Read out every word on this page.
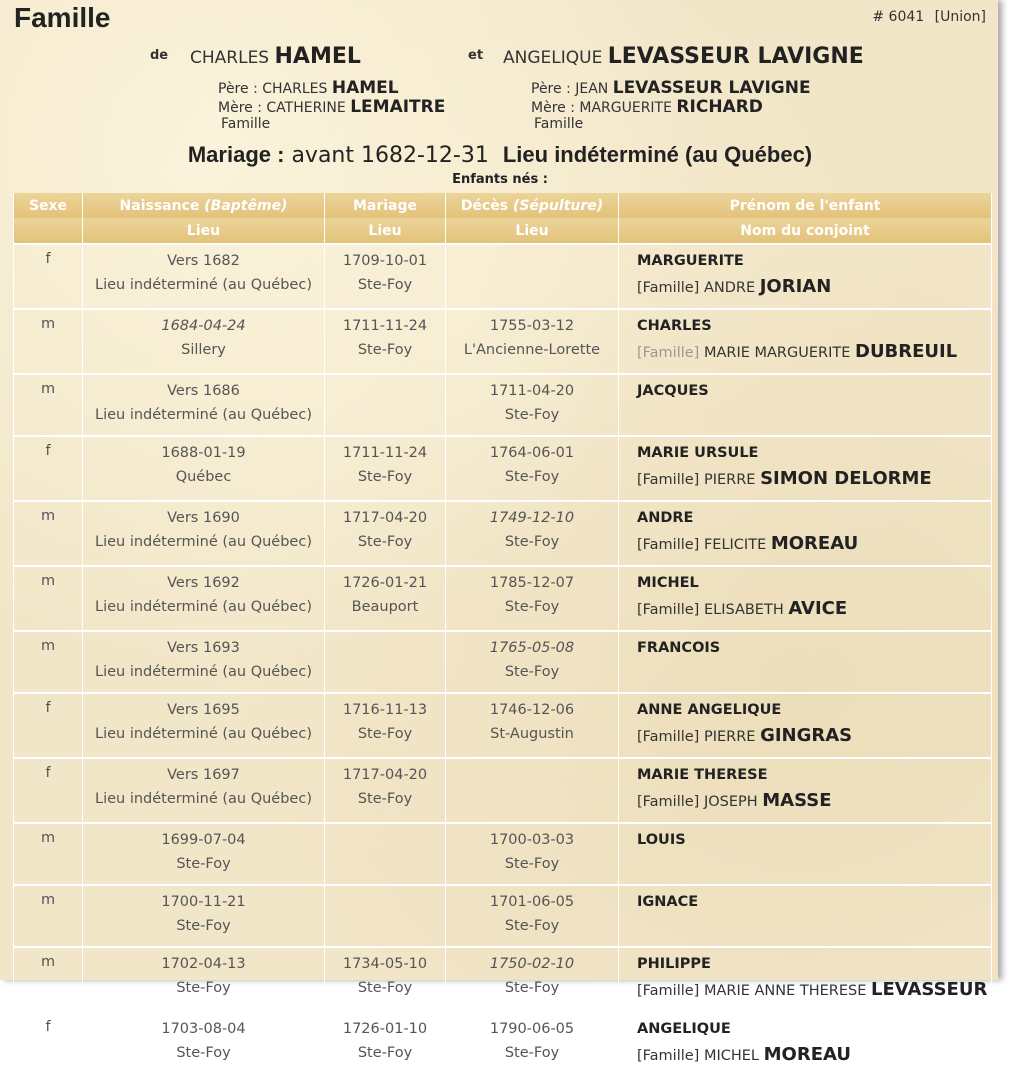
Famille	# 6041 [Union]
de CHARLES HAMEL
Père : CHARLES HAMEL
Mère : CATHERINE LEMAITRE
Famille
et ANGELIQUE LEVASSEUR LAVIGNE
Père : JEAN LEVASSEUR LAVIGNE
Mère : MARGUERITE RICHARD
Famille
Mariage : avant 1682-12-31 Lieu indéterminé (au Québec)
Enfants nés :
Sexe	Naissance (Baptême)	Mariage	Décès (Sépulture)	Prénom de l'enfant
	Lieu	Lieu	Lieu	Nom du conjoint
f	Vers 1682	1709-10-01		MARGUERITE
	Lieu indéterminé (au Québec)	Ste-Foy		[Famille] ANDRE JORIAN
m	1684-04-24	1711-11-24	1755-03-12	CHARLES
	Sillery	Ste-Foy	L'Ancienne-Lorette	[Famille] MARIE MARGUERITE DUBREUIL
m	Vers 1686		1711-04-20	JACQUES
	Lieu indéterminé (au Québec)		Ste-Foy	
f	1688-01-19	1711-11-24	1764-06-01	MARIE URSULE
	Québec	Ste-Foy	Ste-Foy	[Famille] PIERRE SIMON DELORME
m	Vers 1690	1717-04-20	1749-12-10	ANDRE
	Lieu indéterminé (au Québec)	Ste-Foy	Ste-Foy	[Famille] FELICITE MOREAU
m	Vers 1692	1726-01-21	1785-12-07	MICHEL
	Lieu indéterminé (au Québec)	Beauport	Ste-Foy	[Famille] ELISABETH AVICE
m	Vers 1693		1765-05-08	FRANCOIS
	Lieu indéterminé (au Québec)		Ste-Foy	
f	Vers 1695	1716-11-13	1746-12-06	ANNE ANGELIQUE
	Lieu indéterminé (au Québec)	Ste-Foy	St-Augustin	[Famille] PIERRE GINGRAS
f	Vers 1697	1717-04-20		MARIE THERESE
	Lieu indéterminé (au Québec)	Ste-Foy		[Famille] JOSEPH MASSE
m	1699-07-04		1700-03-03	LOUIS
	Ste-Foy		Ste-Foy	
m	1700-11-21		1701-06-05	IGNACE
	Ste-Foy		Ste-Foy	
m	1702-04-13	1734-05-10	1750-02-10	PHILIPPE
	Ste-Foy	Ste-Foy	Ste-Foy	[Famille] MARIE ANNE THERESE LEVASSEUR
f	1703-08-04	1726-01-10	1790-06-05	ANGELIQUE
	Ste-Foy	Ste-Foy	Ste-Foy	[Famille] MICHEL MOREAU
